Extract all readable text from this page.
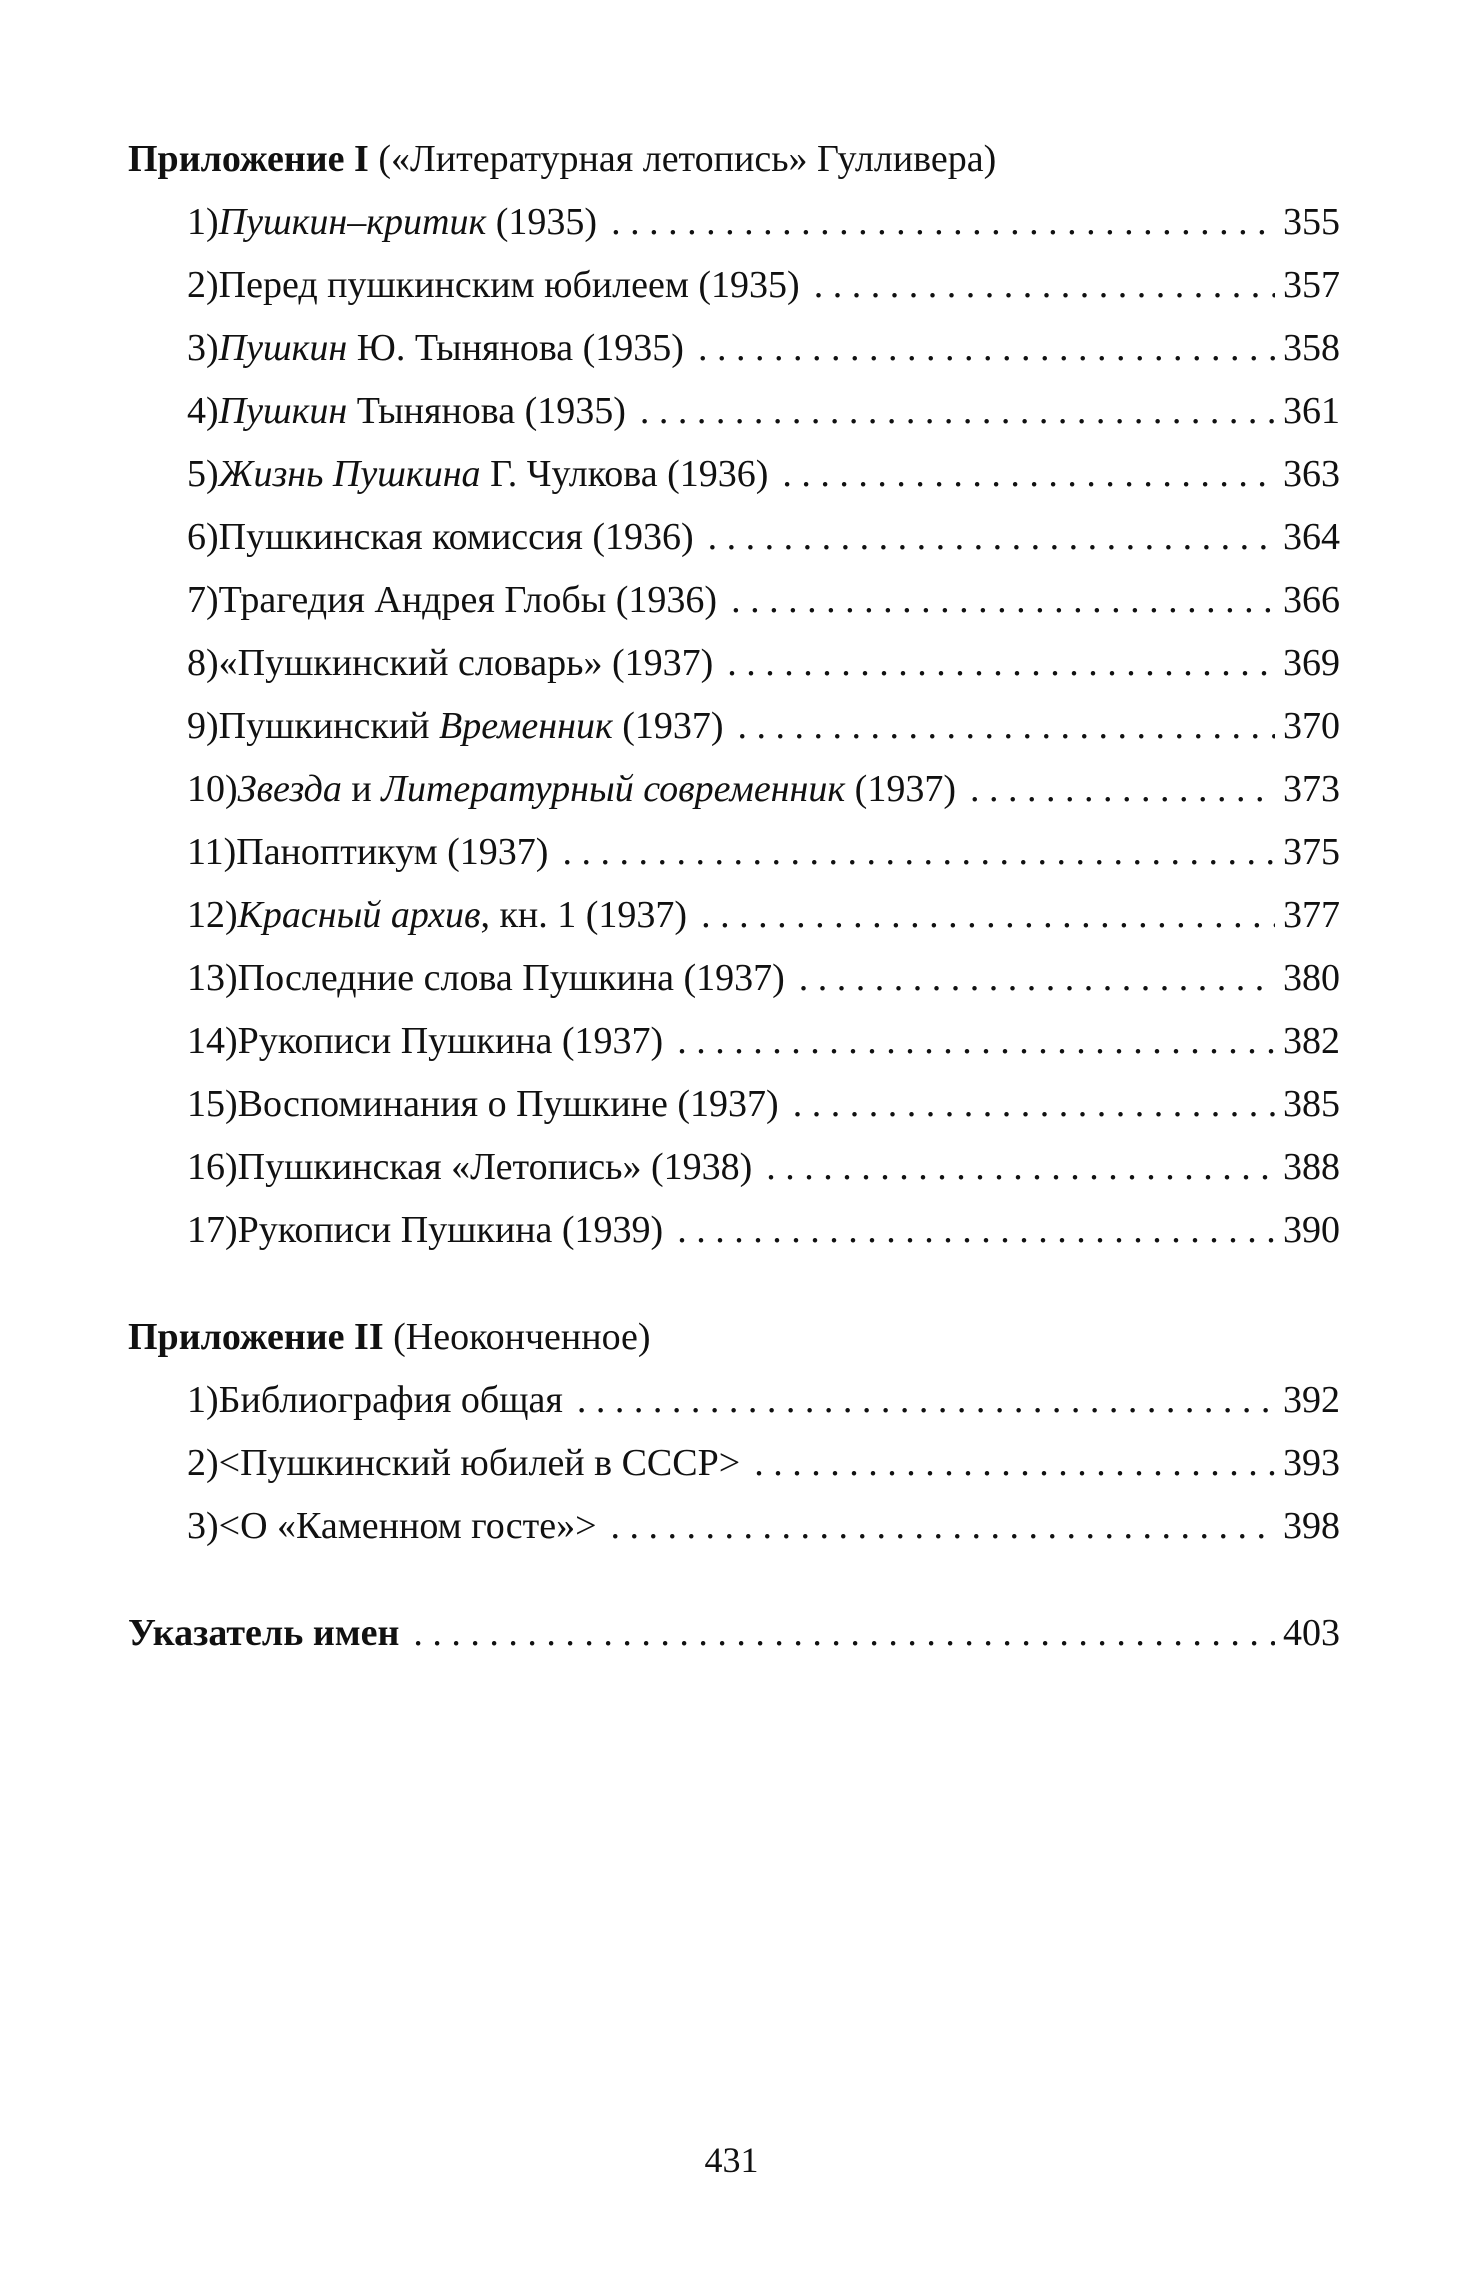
Приложение I («Литературная летопись» Гулливера)
1) Пушкин–критик (1935) . . .	355
2) Перед пушкинским юбилеем (1935) . . .	357
3) Пушкин Ю. Тынянова (1935) . . .	358
4) Пушкин Тынянова (1935) . . .	361
5) Жизнь Пушкина Г. Чулкова (1936) . . .	363
6) Пушкинская комиссия (1936) . . .	364
7) Трагедия Андрея Глобы (1936) . . .	366
8) «Пушкинский словарь» (1937) . . .	369
9) Пушкинский Временник (1937) . . .	370
10) Звезда и Литературный современник (1937) . . .	373
11) Паноптикум (1937) . . .	375
12) Красный архив, кн. 1 (1937) . . .	377
13) Последние слова Пушкина (1937) . . .	380
14) Рукописи Пушкина (1937) . . .	382
15) Воспоминания о Пушкине (1937) . . .	385
16) Пушкинская «Летопись» (1938) . . .	388
17) Рукописи Пушкина (1939) . . .	390
Приложение II (Неоконченное)
1) Библиография общая . . .	392
2) <Пушкинский юбилей в СССР> . . .	393
3) <О «Каменном госте»> . . .	398
Указатель имен . . .	403
431
